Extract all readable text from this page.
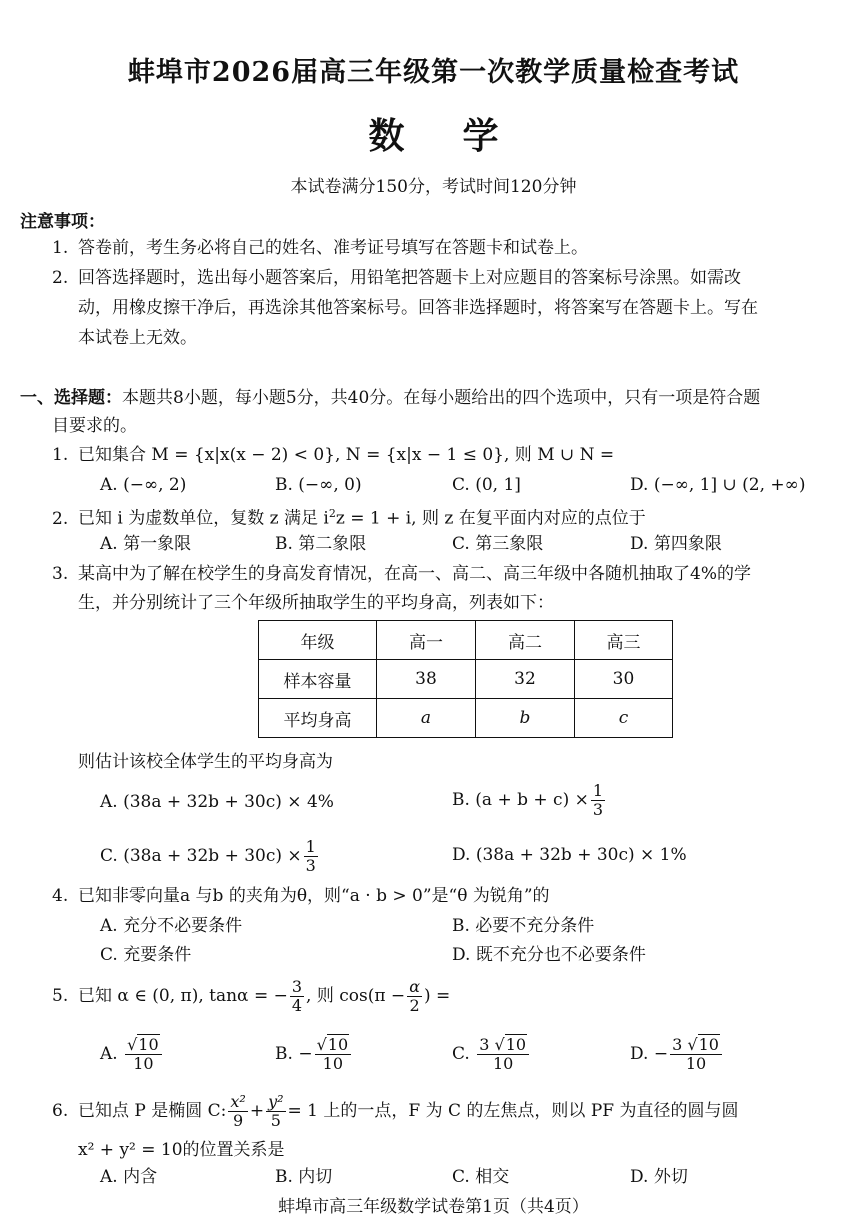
蚌埠市2026届高三年级第一次教学质量检查考试
数学
本试卷满分150分，考试时间120分钟
注意事项：
1. 答卷前，考生务必将自己的姓名、准考证号填写在答题卡和试卷上。
2. 回答选择题时，选出每小题答案后，用铅笔把答题卡上对应题目的答案标号涂黑。如需改
动，用橡皮擦干净后，再选涂其他答案标号。回答非选择题时，将答案写在答题卡上。写在
本试卷上无效。
一、选择题：本题共8小题，每小题5分，共40分。在每小题给出的四个选项中，只有一项是符合题
目要求的。
1. 已知集合 M = {x|x(x − 2) < 0}, N = {x|x − 1 ≤ 0}, 则 M ∪ N =
A. (−∞, 2)	B. (−∞, 0)	C. (0, 1]	D. (−∞, 1] ∪ (2, +∞)
2. 已知 i 为虚数单位，复数 z 满足 $i^2z = 1 + i$, 则 z 在复平面内对应的点位于
A. 第一象限	B. 第二象限	C. 第三象限	D. 第四象限
3. 某高中为了解在校学生的身高发育情况，在高一、高二、高三年级中各随机抽取了4%的学
生，并分别统计了三个年级所抽取学生的平均身高，列表如下：
年级	高一	高二	高三
样本容量	38	32	30
平均身高	a	b	c
则估计该校全体学生的平均身高为
A. (38a + 32b + 30c) × 4%	B. $(a + b + c) \times \frac{1}{3}$
C. $(38a + 32b + 30c) \times \frac{1}{3}$	D. (38a + 32b + 30c) × 1%
4. 已知非零向量a 与b 的夹角为θ，则“a · b > 0”是“θ 为锐角”的
A. 充分不必要条件	B. 必要不充分条件
C. 充要条件	D. 既不充分也不必要条件
5. 已知 α ∈ (0, π), tanα = − $\frac{3}{4}$ , 则 $\cos(\pi - \frac{\alpha}{2}$ ) =
A. $\frac{√10}{10}$	B. − $\frac{√10}{10}$	C. $\frac{3 √10}{10}$	D. − $\frac{3 √10}{10}$
6. 已知点 P 是椭圆 C: $\frac{\text{x²}}{9} + \frac{\text{y²}}{5} = 1$ 上的一点，F 为 C 的左焦点，则以 PF 为直径的圆与圆
x² + y² = 10的位置关系是
A. 内含	B. 内切	C. 相交	D. 外切
蚌埠市高三年级数学试卷第1页（共4页）
